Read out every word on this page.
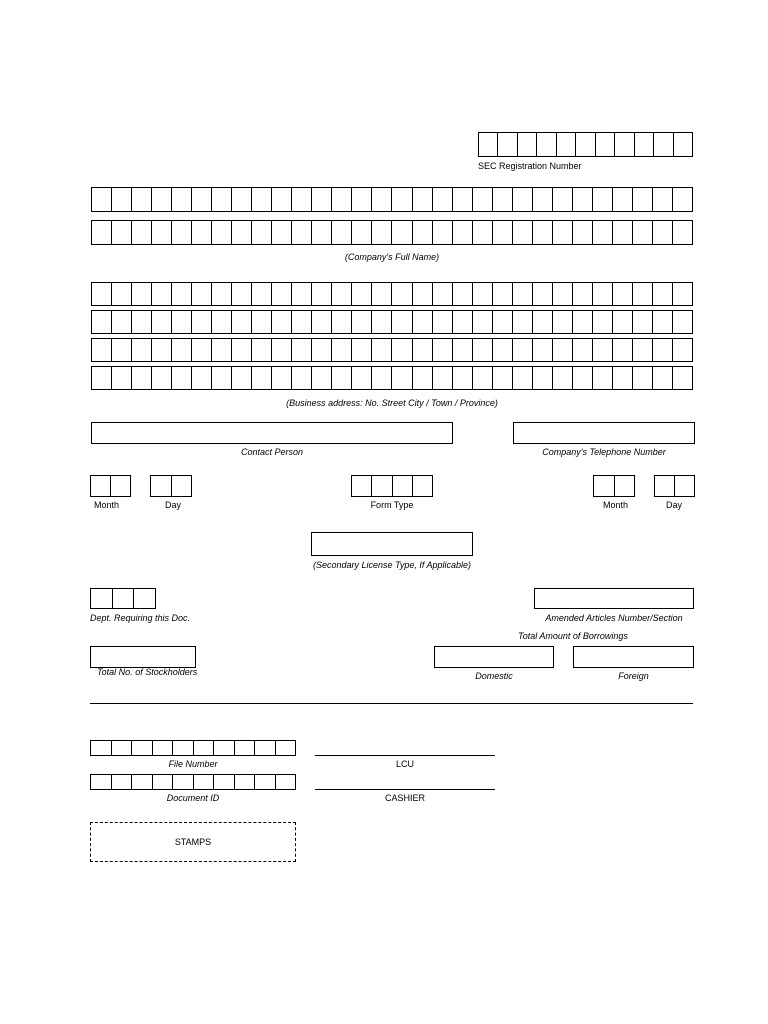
SEC Registration Number
(Company's Full Name)
(Business address: No. Street City / Town / Province)
Contact Person	Company's Telephone Number
Month	Day	Form Type	Month	Day
(Secondary License Type, If Applicable)
Dept. Requiring this Doc.	Amended Articles Number/Section
Total Amount of Borrowings
Total No. of Stockholders	Domestic	Foreign
File Number	LCU
Document ID	CASHIER
STAMPS
